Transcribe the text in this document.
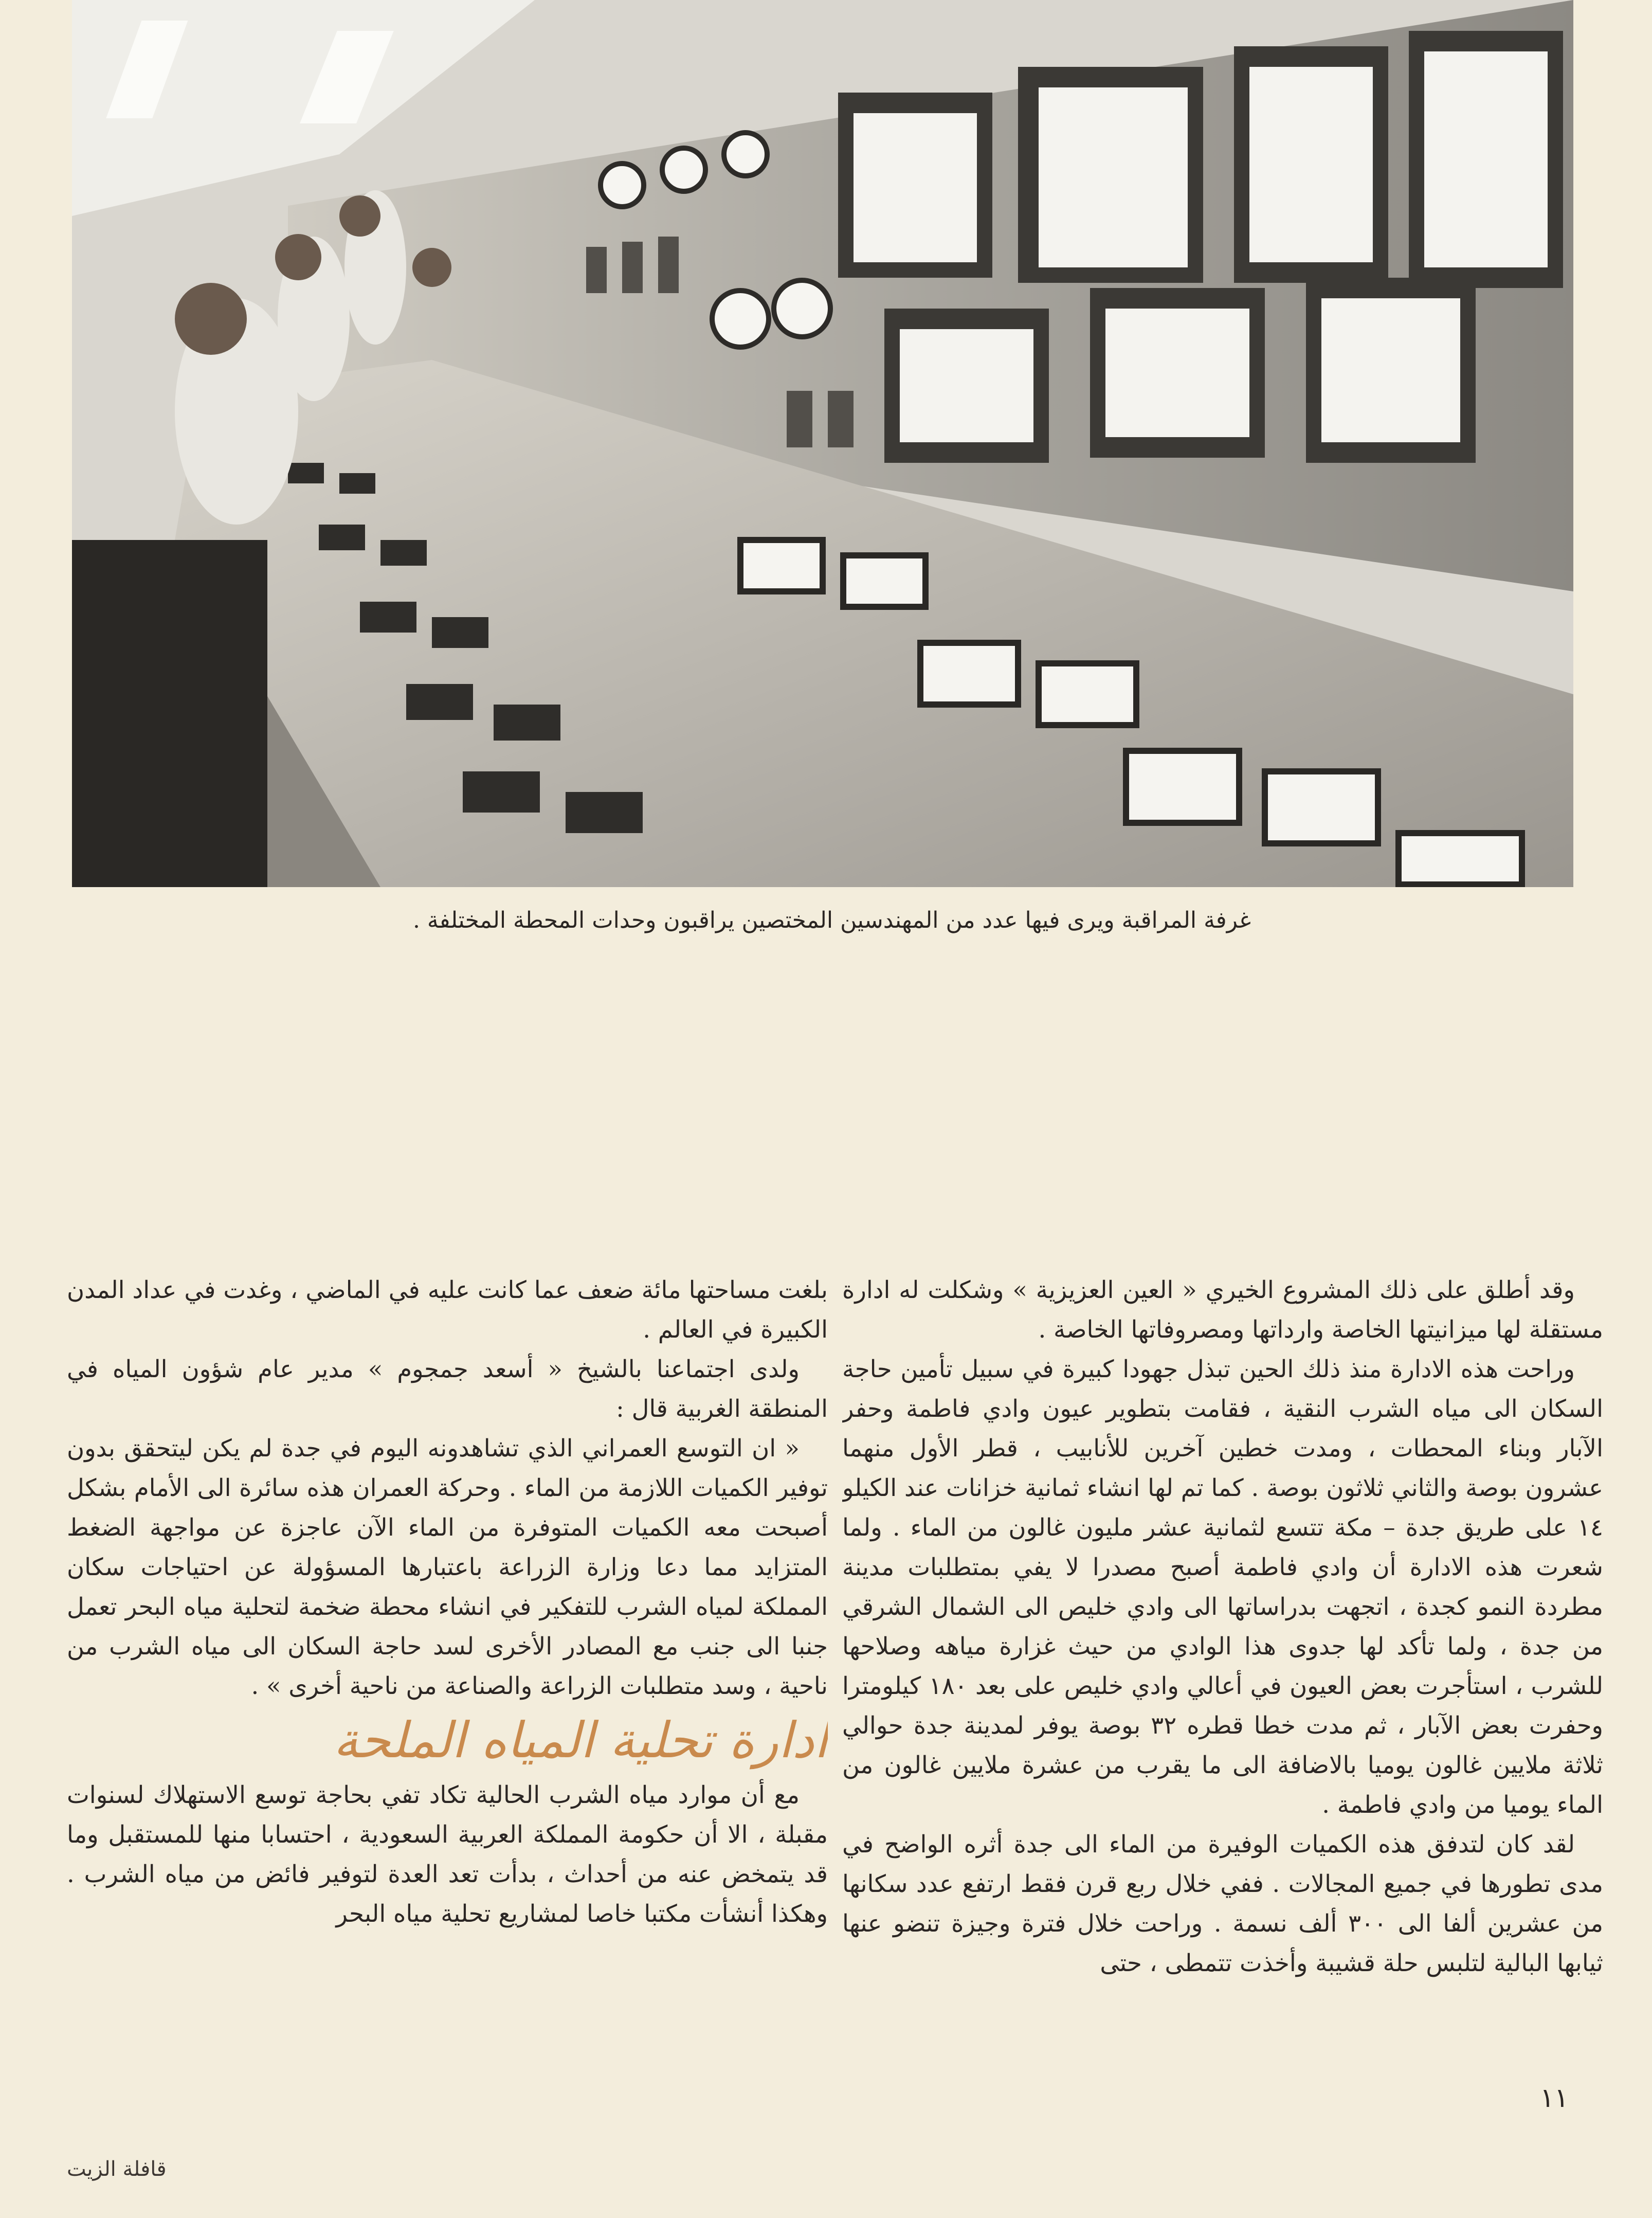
غرفة المراقبة ويرى فيها عدد من المهندسين المختصين يراقبون وحدات المحطة المختلفة .

وقد أطلق على ذلك المشروع الخيري « العين العزيزية » وشكلت له ادارة مستقلة لها ميزانيتها الخاصة وارداتها ومصروفاتها الخاصة .

وراحت هذه الادارة منذ ذلك الحين تبذل جهودا كبيرة في سبيل تأمين حاجة السكان الى مياه الشرب النقية ، فقامت بتطوير عيون وادي فاطمة وحفر الآبار وبناء المحطات ، ومدت خطين آخرين للأنابيب ، قطر الأول منهما عشرون بوصة والثاني ثلاثون بوصة . كما تم لها انشاء ثمانية خزانات عند الكيلو ١٤ على طريق جدة – مكة تتسع لثمانية عشر مليون غالون من الماء . ولما شعرت هذه الادارة أن وادي فاطمة أصبح مصدرا لا يفي بمتطلبات مدينة مطردة النمو كجدة ، اتجهت بدراساتها الى وادي خليص الى الشمال الشرقي من جدة ، ولما تأكد لها جدوى هذا الوادي من حيث غزارة مياهه وصلاحها للشرب ، استأجرت بعض العيون في أعالي وادي خليص على بعد ١٨٠ كيلومترا وحفرت بعض الآبار ، ثم مدت خطا قطره ٣٢ بوصة يوفر لمدينة جدة حوالي ثلاثة ملايين غالون يوميا بالاضافة الى ما يقرب من عشرة ملايين غالون من الماء يوميا من وادي فاطمة .

لقد كان لتدفق هذه الكميات الوفيرة من الماء الى جدة أثره الواضح في مدى تطورها في جميع المجالات . ففي خلال ربع قرن فقط ارتفع عدد سكانها من عشرين ألفا الى ٣٠٠ ألف نسمة . وراحت خلال فترة وجيزة تنضو عنها ثيابها البالية لتلبس حلة قشيبة وأخذت تتمطى ، حتى

بلغت مساحتها مائة ضعف عما كانت عليه في الماضي ، وغدت في عداد المدن الكبيرة في العالم .

ولدى اجتماعنا بالشيخ « أسعد جمجوم » مدير عام شؤون المياه في المنطقة الغربية قال :

« ان التوسع العمراني الذي تشاهدونه اليوم في جدة لم يكن ليتحقق بدون توفير الكميات اللازمة من الماء . وحركة العمران هذه سائرة الى الأمام بشكل أصبحت معه الكميات المتوفرة من الماء الآن عاجزة عن مواجهة الضغط المتزايد مما دعا وزارة الزراعة باعتبارها المسؤولة عن احتياجات سكان المملكة لمياه الشرب للتفكير في انشاء محطة ضخمة لتحلية مياه البحر تعمل جنبا الى جنب مع المصادر الأخرى لسد حاجة السكان الى مياه الشرب من ناحية ، وسد متطلبات الزراعة والصناعة من ناحية أخرى » .

ادارة تحلية المياه الملحة

مع أن موارد مياه الشرب الحالية تكاد تفي بحاجة توسع الاستهلاك لسنوات مقبلة ، الا أن حكومة المملكة العربية السعودية ، احتسابا منها للمستقبل وما قد يتمخض عنه من أحداث ، بدأت تعد العدة لتوفير فائض من مياه الشرب . وهكذا أنشأت مكتبا خاصا لمشاريع تحلية مياه البحر

١١
قافلة الزيت
